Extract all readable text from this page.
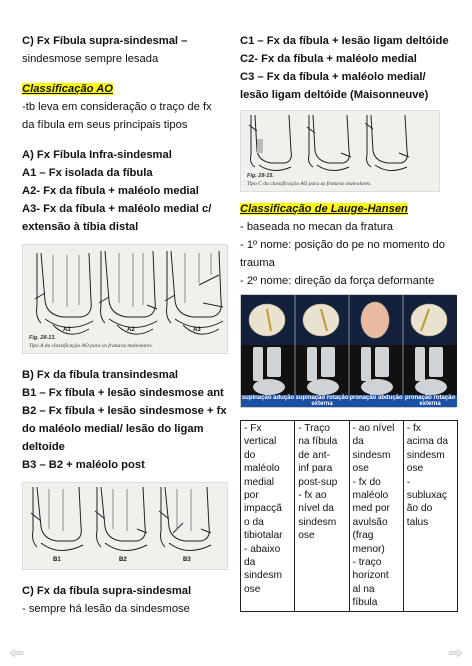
C) Fx Fíbula supra-sindesmal –
sindesmose sempre lesada
Classificação AO
-tb leva em consideração o traço de fx
da fíbula em seus principais tipos
A) Fx Fíbula Infra-sindesmal
A1 – Fx isolada da fíbula
A2- Fx da fíbula + maléolo medial
A3- Fx da fíbula + maléolo medial c/
extensão à tíbia distal
A1	A2	A3
Fig. 28-13.
Tipo A da classificação AO para as fraturas maleolares.
B) Fx da fíbula transindesmal
B1 – Fx fíbula + lesão sindesmose ant
B2 – Fx fíbula + lesão sindesmose + fx
do maléolo medial/ lesão do ligam
deltoide
B3 – B2 + maléolo post
B1	B2	B3
C) Fx da fíbula supra-sindesmal
- sempre há lesão da sindesmose
C1 – Fx da fíbula + lesão ligam deltóide
C2- Fx da fíbula + maléolo medial
C3 – Fx da fíbula + maléolo medial/
lesão ligam deltóide (Maisonneuve)
Fig. 28-15.
Tipo C da classificação AO para as fraturas maleolares.
Classificação de Lauge-Hansen
- baseada no mecan da fratura
- 1º nome: posição do pe no momento do
trauma
- 2º nome: direção da força deformante
supinação adução supinação rotação externa
pronação abdução pronação rotação externa
- Fx
vertical
do
maléolo
medial
por
impacçã
o da
tibiotalar
- abaixo
da
sindesm
ose

- Traço
na fíbula
de ant-
inf para
post-sup
- fx ao
nível da
sindesm
ose

- ao nível
da
sindesm
ose
- fx do
maléolo
med por
avulsão
(frag
menor)
- traço
horizont
al na
fíbula

- fx
acima da
sindesm
ose
-
subluxaç
ão do
talus
